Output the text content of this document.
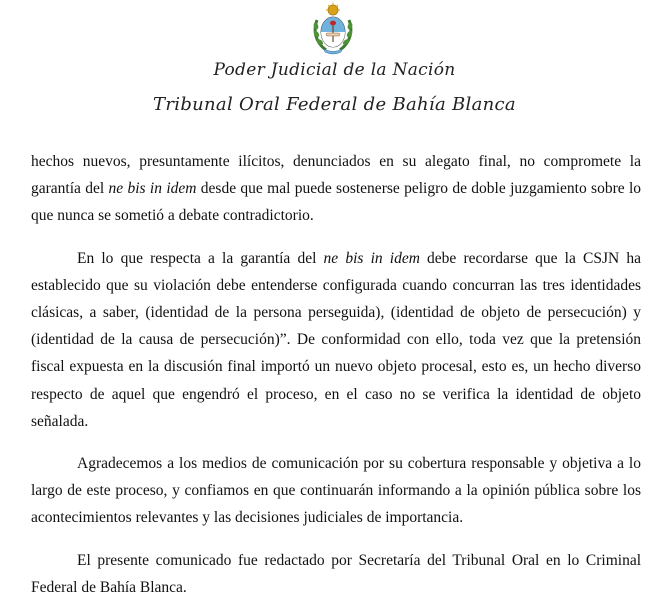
Poder Judicial de la Nación
Tribunal Oral Federal de Bahía Blanca

hechos nuevos, presuntamente ilícitos, denunciados en su alegato final, no compromete la garantía del ne bis in idem desde que mal puede sostenerse peligro de doble juzgamiento sobre lo que nunca se sometió a debate contradictorio.

En lo que respecta a la garantía del ne bis in idem debe recordarse que la CSJN ha establecido que su violación debe entenderse configurada cuando concurran las tres identidades clásicas, a saber, (identidad de la persona perseguida), (identidad de objeto de persecución) y (identidad de la causa de persecución)”. De conformidad con ello, toda vez que la pretensión fiscal expuesta en la discusión final importó un nuevo objeto procesal, esto es, un hecho diverso respecto de aquel que engendró el proceso, en el caso no se verifica la identidad de objeto señalada.

Agradecemos a los medios de comunicación por su cobertura responsable y objetiva a lo largo de este proceso, y confiamos en que continuarán informando a la opinión pública sobre los acontecimientos relevantes y las decisiones judiciales de importancia.

El presente comunicado fue redactado por Secretaría del Tribunal Oral en lo Criminal Federal de Bahía Blanca.
